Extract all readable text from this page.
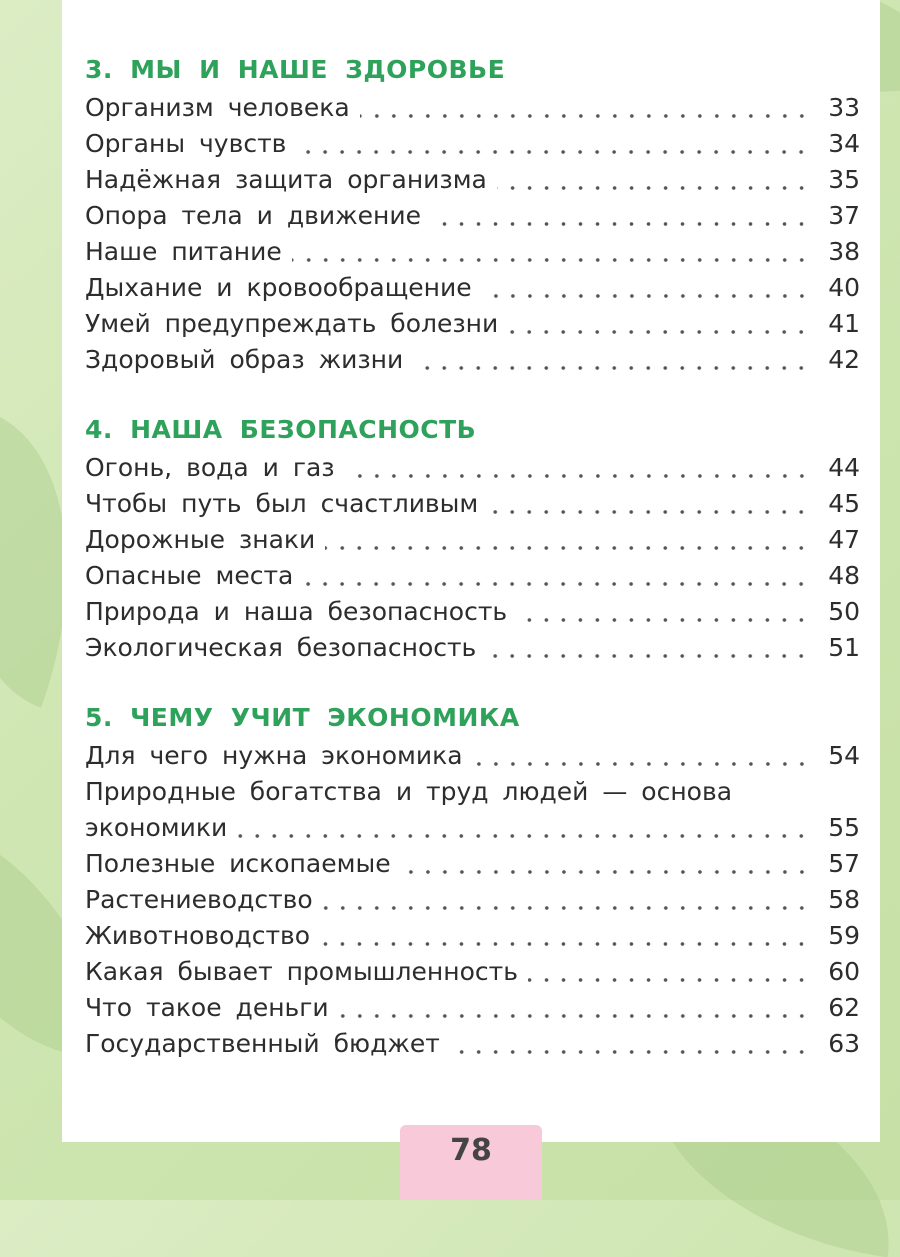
3. МЫ И НАШЕ ЗДОРОВЬЕ
Организм человека	33
Органы чувств	34
Надёжная защита организма	35
Опора тела и движение	37
Наше питание	38
Дыхание и кровообращение	40
Умей предупреждать болезни	41
Здоровый образ жизни	42
4. НАША БЕЗОПАСНОСТЬ
Огонь, вода и газ	44
Чтобы путь был счастливым	45
Дорожные знаки	47
Опасные места	48
Природа и наша безопасность	50
Экологическая безопасность	51
5. ЧЕМУ УЧИТ ЭКОНОМИКА
Для чего нужна экономика	54
Природные богатства и труд людей — основа
экономики	55
Полезные ископаемые	57
Растениеводство	58
Животноводство	59
Какая бывает промышленность	60
Что такое деньги	62
Государственный бюджет	63
78
